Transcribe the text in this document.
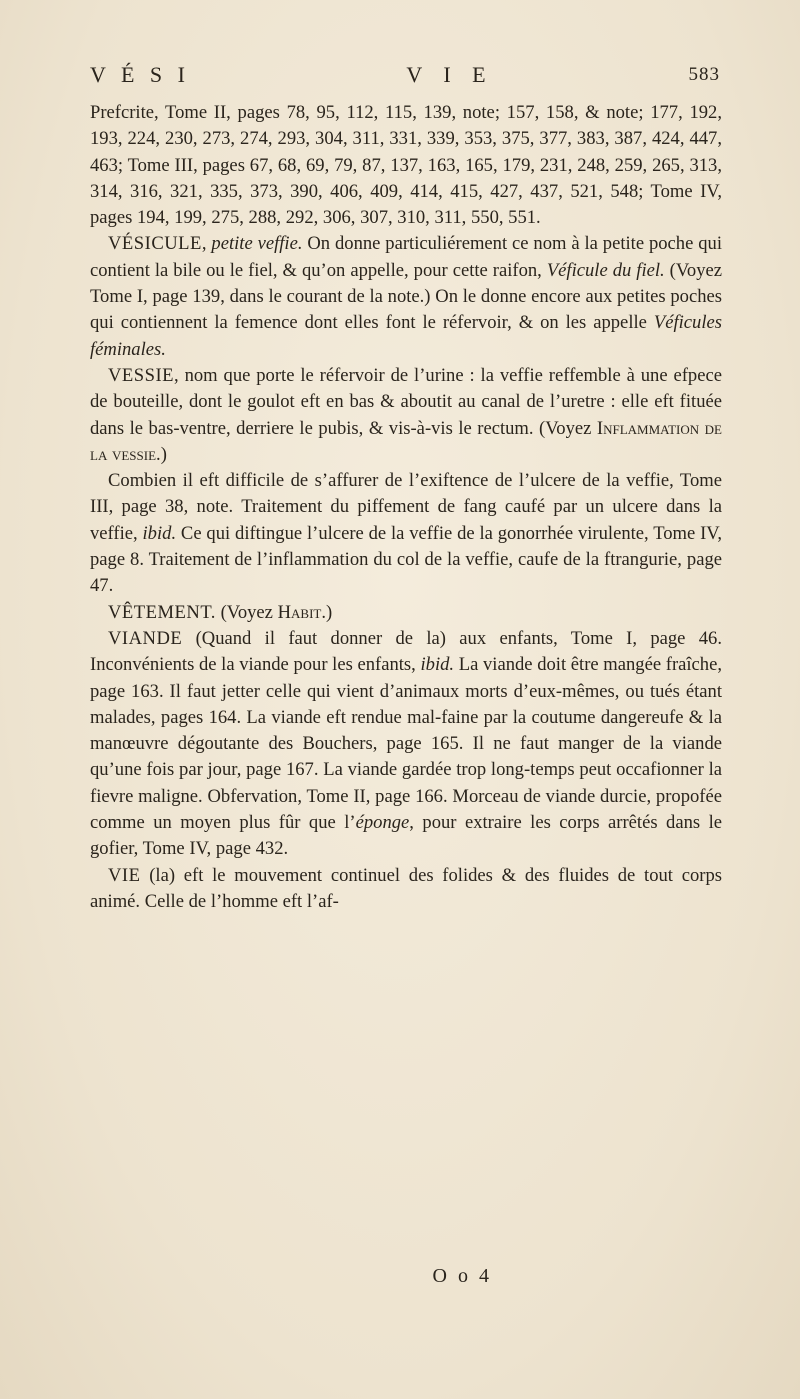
V É S I	V I E	583

Prefcrite, Tome II, pages 78, 95, 112, 115, 139, note; 157, 158, & note; 177, 192, 193, 224, 230, 273, 274, 293, 304, 311, 331, 339, 353, 375, 377, 383, 387, 424, 447, 463; Tome III, pages 67, 68, 69, 79, 87, 137, 163, 165, 179, 231, 248, 259, 265, 313, 314, 316, 321, 335, 373, 390, 406, 409, 414, 415, 427, 437, 521, 548; Tome IV, pages 194, 199, 275, 288, 292, 306, 307, 310, 311, 550, 551.

VÉSICULE, petite veffie. On donne particuliérement ce nom à la petite poche qui contient la bile ou le fiel, & qu’on appelle, pour cette raifon, Véficule du fiel. (Voyez Tome I, page 139, dans le courant de la note.) On le donne encore aux petites poches qui contiennent la femence dont elles font le réfervoir, & on les appelle Véficules féminales.

VESSIE, nom que porte le réfervoir de l’urine : la veffie reffemble à une efpece de bouteille, dont le goulot eft en bas & aboutit au canal de l’uretre : elle eft fituée dans le bas-ventre, derriere le pubis, & vis-à-vis le rectum. (Voyez Inflammation de la vessie.)

Combien il eft difficile de s’affurer de l’exiftence de l’ulcere de la veffie, Tome III, page 38, note. Traitement du piffement de fang caufé par un ulcere dans la veffie, ibid. Ce qui diftingue l’ulcere de la veffie de la gonorrhée virulente, Tome IV, page 8. Traitement de l’inflammation du col de la veffie, caufe de la ftrangurie, page 47.

VÊTEMENT. (Voyez Habit.)

VIANDE (Quand il faut donner de la) aux enfants, Tome I, page 46. Inconvénients de la viande pour les enfants, ibid. La viande doit être mangée fraîche, page 163. Il faut jetter celle qui vient d’animaux morts d’eux-mêmes, ou tués étant malades, pages 164. La viande eft rendue mal-faine par la coutume dangereufe & la manœuvre dégoutante des Bouchers, page 165. Il ne faut manger de la viande qu’une fois par jour, page 167. La viande gardée trop long-temps peut occafionner la fievre maligne. Obfervation, Tome II, page 166. Morceau de viande durcie, propofée comme un moyen plus fûr que l’éponge, pour extraire les corps arrêtés dans le gofier, Tome IV, page 432.

VIE (la) eft le mouvement continuel des folides & des fluides de tout corps animé. Celle de l’homme eft l’af-

O o 4
